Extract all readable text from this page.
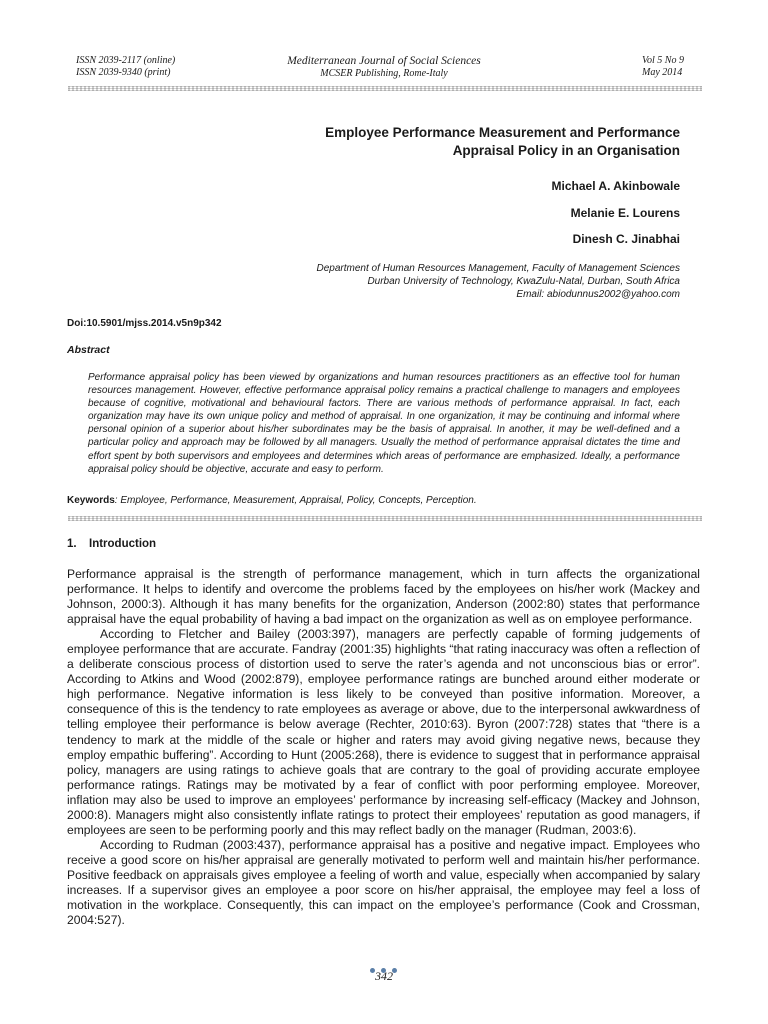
ISSN 2039-2117 (online)
ISSN 2039-9340 (print)
Mediterranean Journal of Social Sciences
MCSER Publishing, Rome-Italy
Vol 5 No 9
May 2014
Employee Performance Measurement and Performance
Appraisal Policy in an Organisation
Michael A. Akinbowale
Melanie E. Lourens
Dinesh C. Jinabhai
Department of Human Resources Management, Faculty of Management Sciences
Durban University of Technology, KwaZulu-Natal, Durban, South Africa
Email: abiodunnus2002@yahoo.com
Doi:10.5901/mjss.2014.v5n9p342
Abstract
Performance appraisal policy has been viewed by organizations and human resources practitioners as an effective tool for human resources management. However, effective performance appraisal policy remains a practical challenge to managers and employees because of cognitive, motivational and behavioural factors. There are various methods of performance appraisal. In fact, each organization may have its own unique policy and method of appraisal. In one organization, it may be continuing and informal where personal opinion of a superior about his/her subordinates may be the basis of appraisal. In another, it may be well-defined and a particular policy and approach may be followed by all managers. Usually the method of performance appraisal dictates the time and effort spent by both supervisors and employees and determines which areas of performance are emphasized. Ideally, a performance appraisal policy should be objective, accurate and easy to perform.
Keywords: Employee, Performance, Measurement, Appraisal, Policy, Concepts, Perception.
1. Introduction

Performance appraisal is the strength of performance management, which in turn affects the organizational performance. It helps to identify and overcome the problems faced by the employees on his/her work (Mackey and Johnson, 2000:3). Although it has many benefits for the organization, Anderson (2002:80) states that performance appraisal have the equal probability of having a bad impact on the organization as well as on employee performance.

According to Fletcher and Bailey (2003:397), managers are perfectly capable of forming judgements of employee performance that are accurate. Fandray (2001:35) highlights “that rating inaccuracy was often a reflection of a deliberate conscious process of distortion used to serve the rater’s agenda and not unconscious bias or error”. According to Atkins and Wood (2002:879), employee performance ratings are bunched around either moderate or high performance. Negative information is less likely to be conveyed than positive information. Moreover, a consequence of this is the tendency to rate employees as average or above, due to the interpersonal awkwardness of telling employee their performance is below average (Rechter, 2010:63). Byron (2007:728) states that “there is a tendency to mark at the middle of the scale or higher and raters may avoid giving negative news, because they employ empathic buffering”. According to Hunt (2005:268), there is evidence to suggest that in performance appraisal policy, managers are using ratings to achieve goals that are contrary to the goal of providing accurate employee performance ratings. Ratings may be motivated by a fear of conflict with poor performing employee. Moreover, inflation may also be used to improve an employees’ performance by increasing self-efficacy (Mackey and Johnson, 2000:8). Managers might also consistently inflate ratings to protect their employees’ reputation as good managers, if employees are seen to be performing poorly and this may reflect badly on the manager (Rudman, 2003:6).

According to Rudman (2003:437), performance appraisal has a positive and negative impact. Employees who receive a good score on his/her appraisal are generally motivated to perform well and maintain his/her performance. Positive feedback on appraisals gives employee a feeling of worth and value, especially when accompanied by salary increases. If a supervisor gives an employee a poor score on his/her appraisal, the employee may feel a loss of motivation in the workplace. Consequently, this can impact on the employee’s performance (Cook and Crossman, 2004:527).

342
